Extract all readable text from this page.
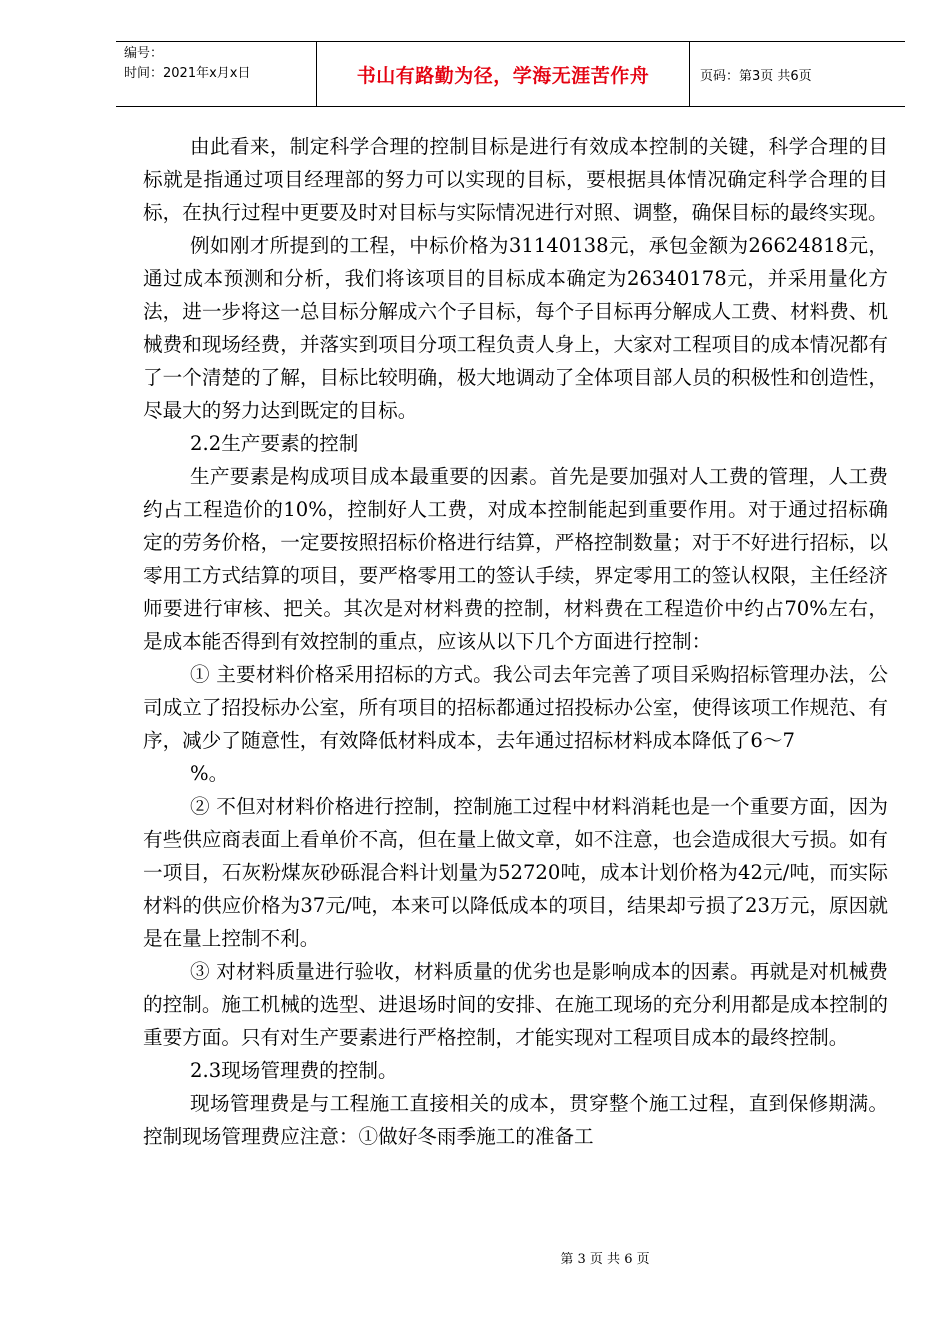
编号：
时间：2021年x月x日	书山有路勤为径，学海无涯苦作舟	页码：第3页 共6页

由此看来，制定科学合理的控制目标是进行有效成本控制的关键，科学合理的目标就是指通过项目经理部的努力可以实现的目标，要根据具体情况确定科学合理的目标，在执行过程中更要及时对目标与实际情况进行对照、调整，确保目标的最终实现。

例如刚才所提到的工程，中标价格为31140138元，承包金额为26624818元，通过成本预测和分析，我们将该项目的目标成本确定为26340178元，并采用量化方法，进一步将这一总目标分解成六个子目标，每个子目标再分解成人工费、材料费、机械费和现场经费，并落实到项目分项工程负责人身上，大家对工程项目的成本情况都有了一个清楚的了解，目标比较明确，极大地调动了全体项目部人员的积极性和创造性，尽最大的努力达到既定的目标。

2.2生产要素的控制

生产要素是构成项目成本最重要的因素。首先是要加强对人工费的管理，人工费约占工程造价的10%，控制好人工费，对成本控制能起到重要作用。对于通过招标确定的劳务价格，一定要按照招标价格进行结算，严格控制数量；对于不好进行招标，以零用工方式结算的项目，要严格零用工的签认手续，界定零用工的签认权限，主任经济师要进行审核、把关。其次是对材料费的控制，材料费在工程造价中约占70%左右，是成本能否得到有效控制的重点，应该从以下几个方面进行控制：

① 主要材料价格采用招标的方式。我公司去年完善了项目采购招标管理办法，公司成立了招投标办公室，所有项目的招标都通过招投标办公室，使得该项工作规范、有序，减少了随意性，有效降低材料成本，去年通过招标材料成本降低了6～7

%。

② 不但对材料价格进行控制，控制施工过程中材料消耗也是一个重要方面，因为有些供应商表面上看单价不高，但在量上做文章，如不注意，也会造成很大亏损。如有一项目，石灰粉煤灰砂砾混合料计划量为52720吨，成本计划价格为42元/吨，而实际材料的供应价格为37元/吨，本来可以降低成本的项目，结果却亏损了23万元，原因就是在量上控制不利。

③ 对材料质量进行验收，材料质量的优劣也是影响成本的因素。再就是对机械费的控制。施工机械的选型、进退场时间的安排、在施工现场的充分利用都是成本控制的重要方面。只有对生产要素进行严格控制，才能实现对工程项目成本的最终控制。

2.3现场管理费的控制。

现场管理费是与工程施工直接相关的成本，贯穿整个施工过程，直到保修期满。控制现场管理费应注意：①做好冬雨季施工的准备工

第 3 页 共 6 页
